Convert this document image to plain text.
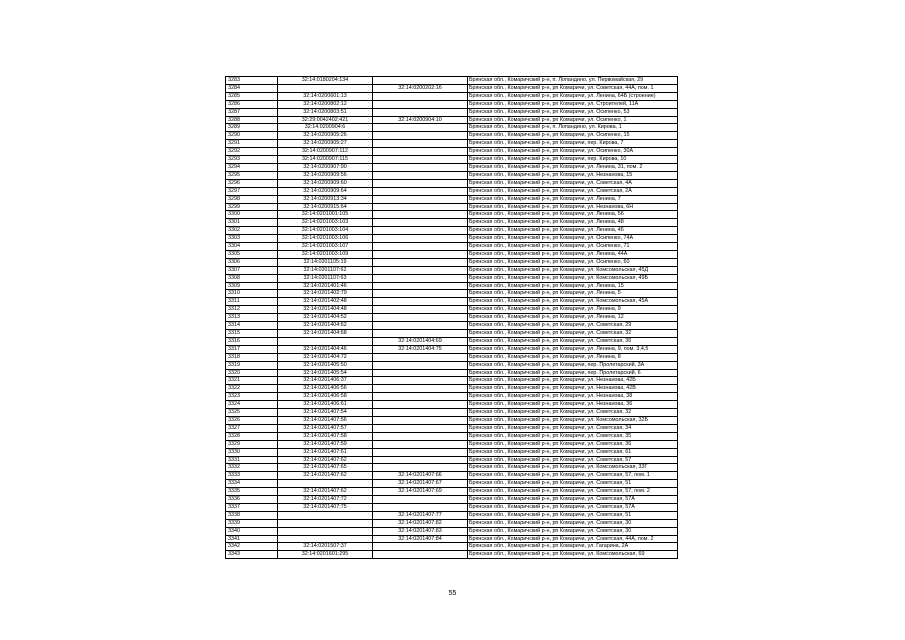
3283	32:14:0180204:134		Брянская обл., Комаричский р-н, п. Лопандино, ул. Первомайская, 29
3284		32:14:0200202:16	Брянская обл., Комаричский р-н, рп Комаричи, ул. Советская, 44А, пом. 1
3285	32:14:0200601:13		Брянская обл., Комаричский р-н, рп Комаричи, ул. Ленина, 64Б (строение)
3286	32:14:0200802:12		Брянская обл., Комаричский р-н, рп Комаричи, ул. Строителей, 11А
3287	32:14:0200803:51		Брянская обл., Комаричский р-н, рп Комаричи, ул. Осипенко, 53
3288	32:29:0042402:421	32:14:0200904:10	Брянская обл., Комаричский р-н, рп Комаричи, ул. Осипенко, 1
3289	32:14:0200904:6		Брянская обл., Комаричский р-н, п. Лопандино, ул. Кирова, 1
3290	32:14:0200905:26		Брянская обл., Комаричский р-н, рп Комаричи, ул. Осипенко, 15
3291	32:14:0200905:27		Брянская обл., Комаричский р-н, рп Комаричи, пер. Кирова, 7
3292	32:14:0200907:112		Брянская обл., Комаричский р-н, рп Комаричи, ул. Осипенко, 30А
3293	32:14:0200907:115		Брянская обл., Комаричский р-н, рп Комаричи, пер. Кирова, 10
3294	32:14:0200907:90		Брянская обл., Комаричский р-н, рп Комаричи, ул. Ленина, 31, пом. 2
3295	32:14:0200909:56		Брянская обл., Комаричский р-н, рп Комаричи, ул. Незнанова, 15
3296	32:14:0200909:60		Брянская обл., Комаричский р-н, рп Комаричи, ул. Советская, 4А
3297	32:14:0200909:64		Брянская обл., Комаричский р-н, рп Комаричи, ул. Советская, 2А
3298	32:14:0200913:34		Брянская обл., Комаричский р-н, рп Комаричи, ул. Ленина, 7
3299	32:14:0200915:64		Брянская обл., Комаричский р-н, рп Комаричи, ул. Незнанова, 6Н
3300	32:14:0201001:105		Брянская обл., Комаричский р-н, рп Комаричи, ул. Ленина, 56
3301	32:14:0201003:103		Брянская обл., Комаричский р-н, рп Комаричи, ул. Ленина, 48
3302	32:14:0201003:104		Брянская обл., Комаричский р-н, рп Комаричи, ул. Ленина, 46
3303	32:14:0201003:106		Брянская обл., Комаричский р-н, рп Комаричи, ул. Осипенко, 74А
3304	32:14:0201003:107		Брянская обл., Комаричский р-н, рп Комаричи, ул. Осипенко, 71
3305	32:14:0201003:109		Брянская обл., Комаричский р-н, рп Комаричи, ул. Ленина, 44А
3306	32:14:0201105:19		Брянская обл., Комаричский р-н, рп Комаричи, ул. Осипенко, 60
3307	32:14:0201107:62		Брянская обл., Комаричский р-н, рп Комаричи, ул. Комсомольская, 45Д
3308	32:14:0201107:63		Брянская обл., Комаричский р-н, рп Комаричи, ул. Комсомольская, 49Б
3309	32:14:0201401:46		Брянская обл., Комаричский р-н, рп Комаричи, ул. Ленина, 15
3310	32:14:0201402:79		Брянская обл., Комаричский р-н, рп Комаричи, ул. Ленина, 5
3311	32:14:0201402:48		Брянская обл., Комаричский р-н, рп Комаричи, ул. Комсомольская, 45А
3312	32:14:0201404:48		Брянская обл., Комаричский р-н, рп Комаричи, ул. Ленина, 9
3313	32:14:0201404:52		Брянская обл., Комаричский р-н, рп Комаричи, ул. Ленина, 12
3314	32:14:0201404:62		Брянская обл., Комаричский р-н, рп Комаричи, ул. Советская, 29
3315	32:14:0201404:68		Брянская обл., Комаричский р-н, рп Комаричи, ул. Советская, 32
3316		32:14:0201404:69	Брянская обл., Комаричский р-н, рп Комаричи, ул. Советская, 36
3317	32:14:0201404:46	32:14:0201404:75	Брянская обл., Комаричский р-н, рп Комаричи, ул. Ленина, 9, пом. 3,4,5
3318	32:14:0201404:72		Брянская обл., Комаричский р-н, рп Комаричи, ул. Ленина, 8
3319	32:14:0201405:50		Брянская обл., Комаричский р-н, рп Комаричи, пер. Пролетарский, 3А
3320	32:14:0201405:54		Брянская обл., Комаричский р-н, рп Комаричи, пер. Пролетарский, 6
3321	32:14:0201406:37		Брянская обл., Комаричский р-н, рп Комаричи, ул. Незнанова, 42Б
3322	32:14:0201406:56		Брянская обл., Комаричский р-н, рп Комаричи, ул. Незнанова, 42В
3323	32:14:0201406:58		Брянская обл., Комаричский р-н, рп Комаричи, ул. Незнанова, 38
3324	32:14:0201406:61		Брянская обл., Комаричский р-н, рп Комаричи, ул. Незнанова, 36
3325	32:14:0201407:54		Брянская обл., Комаричский р-н, рп Комаричи, ул. Советская, 32
3326	32:14:0201407:56		Брянская обл., Комаричский р-н, рп Комаричи, ул. Комсомольская, 32Б
3327	32:14:0201407:57		Брянская обл., Комаричский р-н, рп Комаричи, ул. Советская, 34
3328	32:14:0201407:58		Брянская обл., Комаричский р-н, рп Комаричи, ул. Советская, 35
3329	32:14:0201407:59		Брянская обл., Комаричский р-н, рп Комаричи, ул. Советская, 36
3330	32:14:0201407:61		Брянская обл., Комаричский р-н, рп Комаричи, ул. Советская, 61
3331	32:14:0201407:62		Брянская обл., Комаричский р-н, рп Комаричи, ул. Советская, 57
3332	32:14:0201407:65		Брянская обл., Комаричский р-н, рп Комаричи, ул. Комсомольская, 33Г
3333	32:14:0201407:62	32:14:0201407:66	Брянская обл., Комаричский р-н, рп Комаричи, ул. Советская, 57, пом. 1
3334		32:14:0201407:67	Брянская обл., Комаричский р-н, рп Комаричи, ул. Советская, 51
3335	32:14:0201407:62	32:14:0201407:69	Брянская обл., Комаричский р-н, рп Комаричи, ул. Советская, 57, пом. 2
3336	32:14:0201407:72		Брянская обл., Комаричский р-н, рп Комаричи, ул. Советская, 57А
3337	32:14:0201407:75		Брянская обл., Комаричский р-н, рп Комаричи, ул. Советская, 57А
3338		32:14:0201407:77	Брянская обл., Комаричский р-н, рп Комаричи, ул. Советская, 51
3339		32:14:0201407:82	Брянская обл., Комаричский р-н, рп Комаричи, ул. Советская, 30
3340		32:14:0201407:83	Брянская обл., Комаричский р-н, рп Комаричи, ул. Советская, 30
3341		32:14:0201407:84	Брянская обл., Комаричский р-н, рп Комаричи, ул. Советская, 44А, пом. 2
3342	32:14:0201507:37		Брянская обл., Комаричский р-н, рп Комаричи, ул. Гагарина, 2А
3343	32:14:0201601:295		Брянская обл., Комаричский р-н, рп Комаричи, ул. Комсомольская, 69
55
